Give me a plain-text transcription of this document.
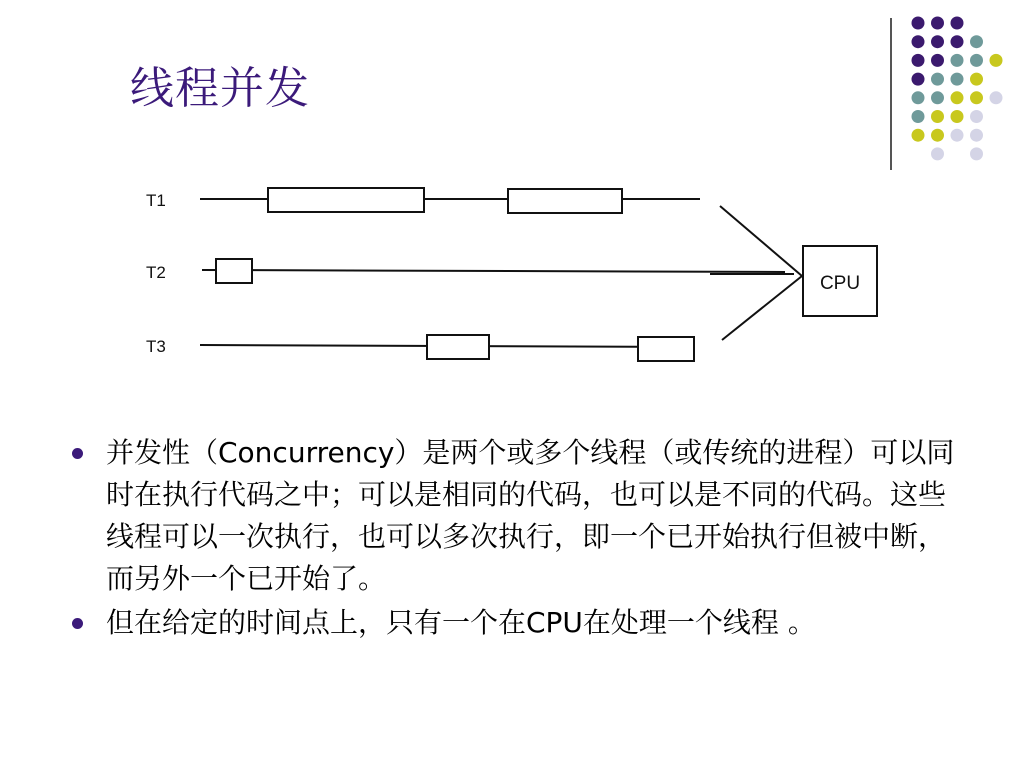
线程并发
T1
T2
T3
CPU
并发性（Concurrency）是两个或多个线程（或传统的进程）可以同时在执行代码之中；可以是相同的代码，也可以是不同的代码。这些线程可以一次执行，也可以多次执行，即一个已开始执行但被中断，而另外一个已开始了。
但在给定的时间点上，只有一个在CPU在处理一个线程 。
